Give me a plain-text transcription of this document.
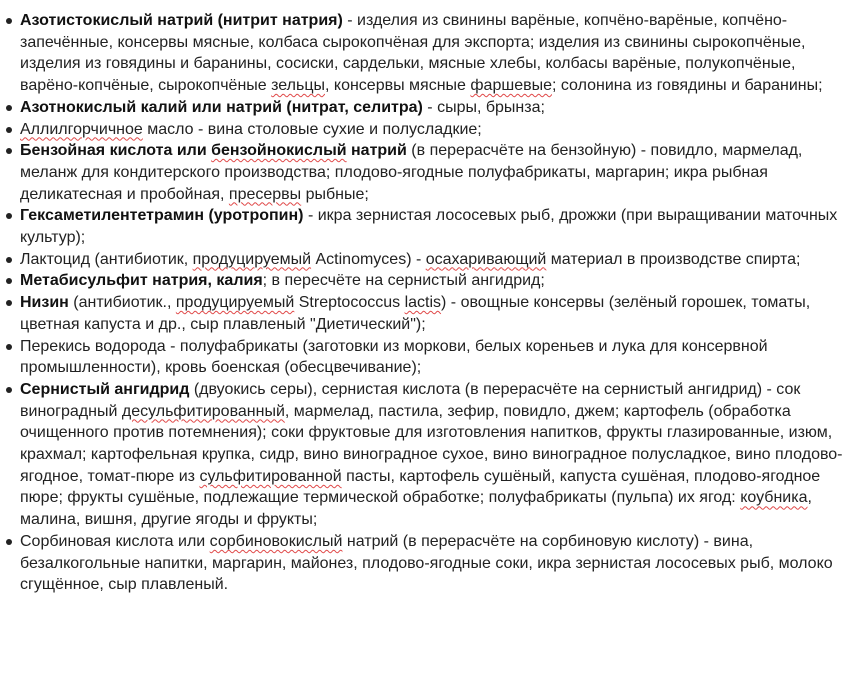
Азотистокислый натрий (нитрит натрия) - изделия из свинины варёные, копчёно-варёные, копчёно-запечённые, консервы мясные, колбаса сырокопчёная для экспорта; изделия из свинины сырокопчёные, изделия из говядины и баранины, сосиски, сардельки, мясные хлебы, колбасы варёные, полукопчёные, варёно-копчёные, сырокопчёные зельцы, консервы мясные фаршевые; солонина из говядины и баранины;
Азотнокислый калий или натрий (нитрат, селитра) - сыры, брынза;
Аллилгорчичное масло - вина столовые сухие и полусладкие;
Бензойная кислота или бензойнокислый натрий (в перерасчёте на бензойную) - повидло, мармелад, меланж для кондитерского производства; плодово-ягодные полуфабрикаты, маргарин; икра рыбная деликатесная и пробойная, пресервы рыбные;
Гексаметилентетрамин (уротропин) - икра зернистая лососевых рыб, дрожжи (при выращивании маточных культур);
Лактоцид (антибиотик, продуцируемый Actinomyces) - осахаривающий материал в производстве спирта;
Метабисульфит натрия, калия; в пересчёте на сернистый ангидрид;
Низин (антибиотик., продуцируемый Streptococcus lactis) - овощные консервы (зелёный горошек, томаты, цветная капуста и др., сыр плавленый "Диетический");
Перекись водорода - полуфабрикаты (заготовки из моркови, белых кореньев и лука для консервной промышленности), кровь боенская (обесцвечивание);
Сернистый ангидрид (двуокись серы), сернистая кислота (в перерасчёте на сернистый ангидрид) - сок виноградный десульфитированный, мармелад, пастила, зефир, повидло, джем; картофель (обработка очищенного против потемнения); соки фруктовые для изготовления напитков, фрукты глазированные, изюм, крахмал; картофельная крупка, сидр, вино виноградное сухое, вино виноградное полусладкое, вино плодово-ягодное, томат-пюре из сульфитированной пасты, картофель сушёный, капуста сушёная, плодово-ягодное пюре; фрукты сушёные, подлежащие термической обработке; полуфабрикаты (пульпа) их ягод: коубника, малина, вишня, другие ягоды и фрукты;
Сорбиновая кислота или сорбиновокислый натрий (в перерасчёте на сорбиновую кислоту) - вина, безалкогольные напитки, маргарин, майонез, плодово-ягодные соки, икра зернистая лососевых рыб, молоко сгущённое, сыр плавленый.
